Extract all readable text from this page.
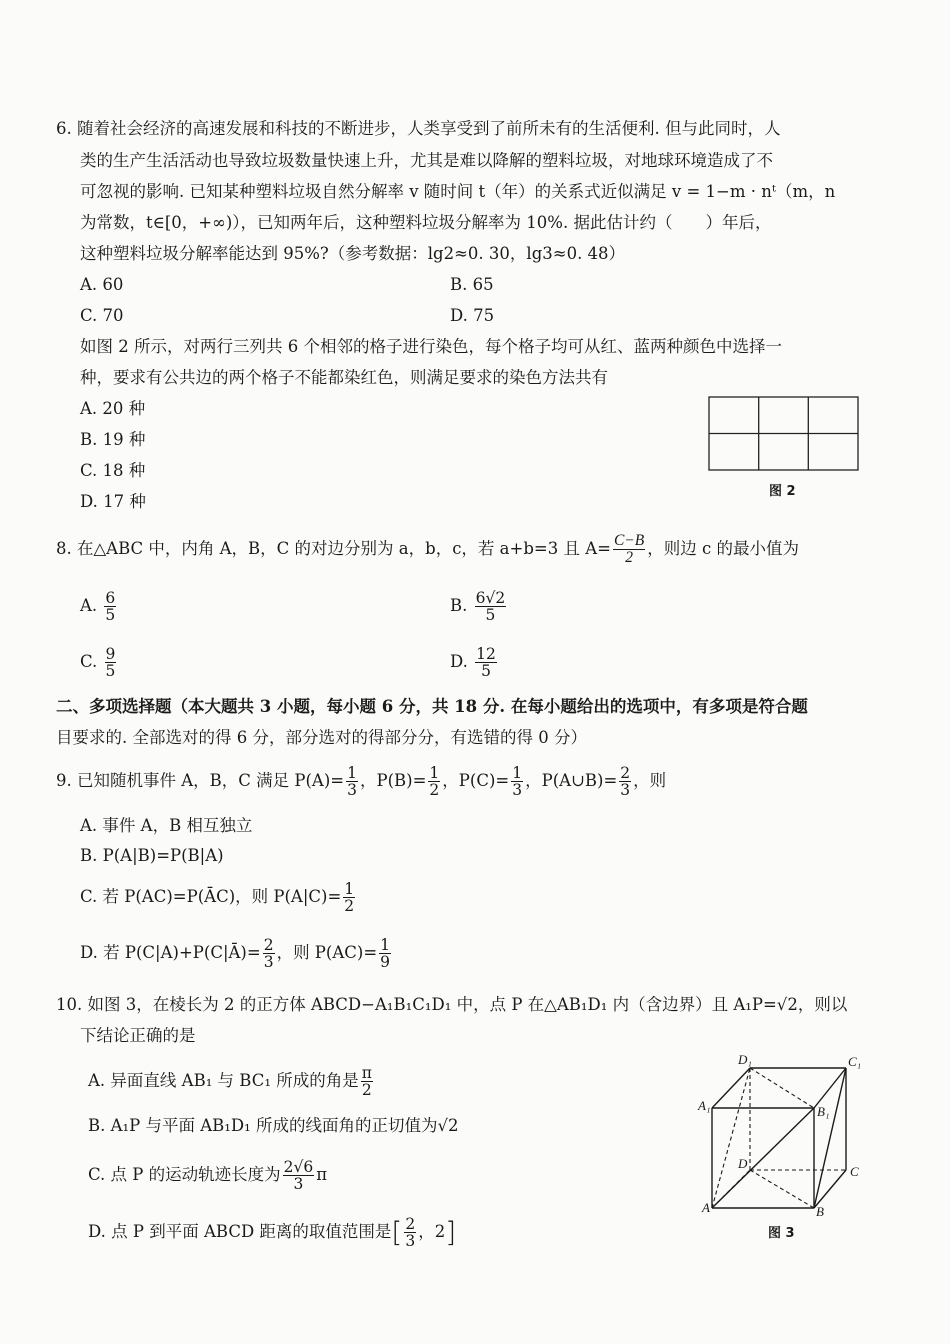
6. 随着社会经济的高速发展和科技的不断进步，人类享受到了前所未有的生活便利. 但与此同时，人
类的生产生活活动也导致垃圾数量快速上升，尤其是难以降解的塑料垃圾，对地球环境造成了不
可忽视的影响. 已知某种塑料垃圾自然分解率 v 随时间 t（年）的关系式近似满足 v = 1−m · nᵗ（m，n
为常数，t∈[0，+∞)），已知两年后，这种塑料垃圾分解率为 10%. 据此估计约（　　）年后，
这种塑料垃圾分解率能达到 95%?（参考数据：lg2≈0. 30，lg3≈0. 48）
A. 60	B. 65
C. 70	D. 75
如图 2 所示，对两行三列共 6 个相邻的格子进行染色，每个格子均可从红、蓝两种颜色中选择一
种，要求有公共边的两个格子不能都染红色，则满足要求的染色方法共有
A. 20 种
B. 19 种
C. 18 种
D. 17 种
图 2
8. 在△ABC 中，内角 A，B，C 的对边分别为 a，b，c，若 a+b=3 且 $A= \frac{C-B}{2}$ ，则边 c 的最小值为
A. $\frac{6}{5}$	B. $\frac{6√2}{5}$
C. $\frac{9}{5}$	D. $\frac{12}{5}$
二、多项选择题（本大题共 3 小题，每小题 6 分，共 18 分. 在每小题给出的选项中，有多项是符合题
目要求的. 全部选对的得 6 分，部分选对的得部分分，有选错的得 0 分）
9. 已知随机事件 A，B，C 满足 $P(A)= \frac{1}{3}$ ，$P(B)= \frac{1}{2}$ ，$P(C)= \frac{1}{3}$ ，P(A∪B)= $\frac{2}{3}$ ，则
A. 事件 A，B 相互独立
B. P(A|B)=P(B|A)
C. 若 P(AC)=P(ĀC)，则 $P(A|C)= \frac{1}{2}$
D. 若 P(C|A)+P(C|Ā)= $\frac{2}{3}$ ，则 $P(AC)= \frac{1}{9}$
10. 如图 3，在棱长为 2 的正方体 ABCD−A₁B₁C₁D₁ 中，点 P 在△AB₁D₁ 内（含边界）且 A₁P=√2，则以
下结论正确的是
A. 异面直线 AB₁ 与 BC₁ 所成的角是 $\frac{\pi}{2}$
B. A₁P 与平面 AB₁D₁ 所成的线面角的正切值为√2
C. 点 P 的运动轨迹长度为 $\frac{2√6}{3}$ π
D. 点 P 到平面 ABCD 距离的取值范围是[ $\frac{2}{3}$ ，2]
D₁	C₁
A₁	B₁
D
C
A	B
图 3
